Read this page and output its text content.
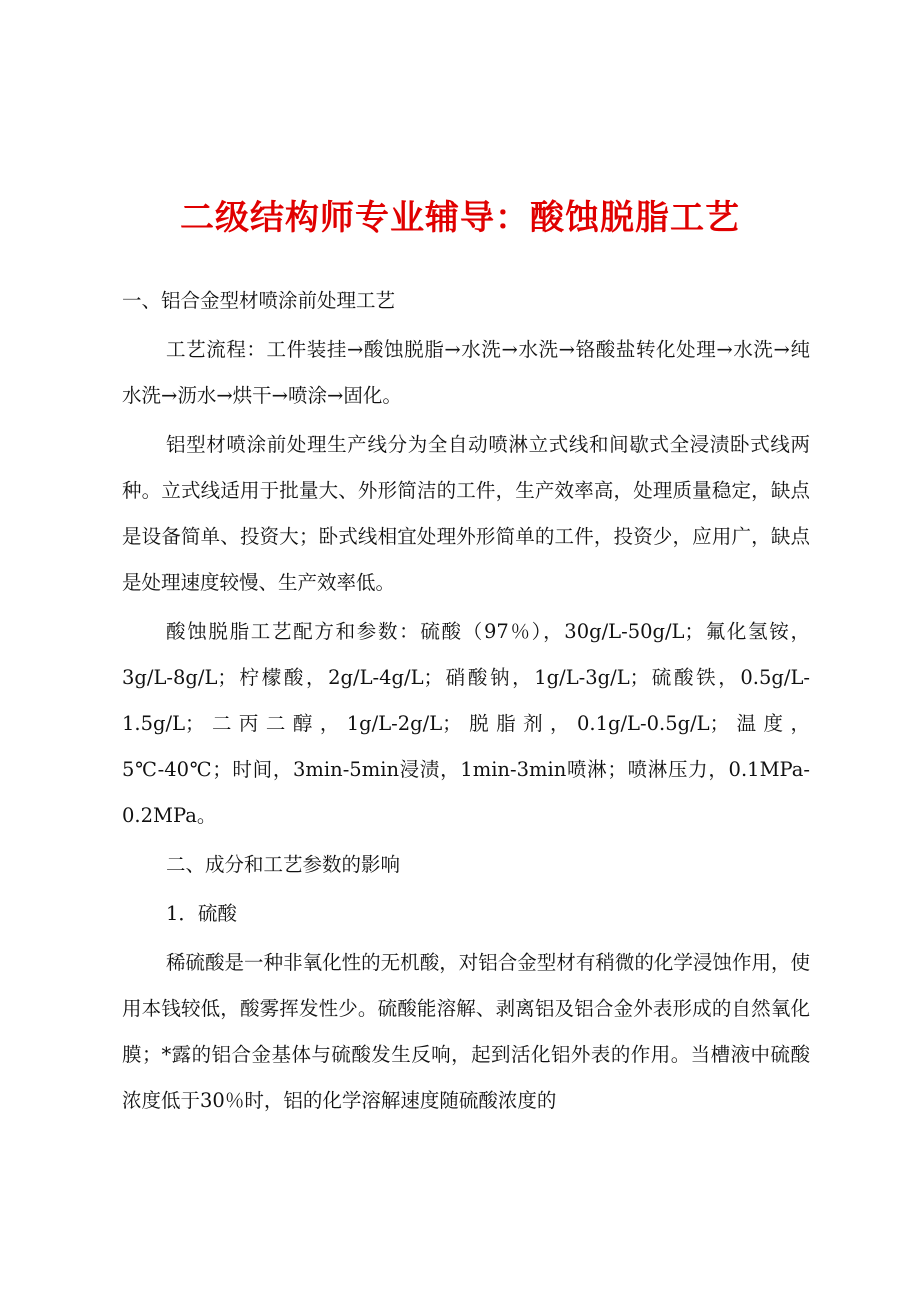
二级结构师专业辅导：酸蚀脱脂工艺

一、铝合金型材喷涂前处理工艺

工艺流程：工件装挂→酸蚀脱脂→水洗→水洗→铬酸盐转化处理→水洗→纯水洗→沥水→烘干→喷涂→固化。

铝型材喷涂前处理生产线分为全自动喷淋立式线和间歇式全浸渍卧式线两种。立式线适用于批量大、外形简洁的工件，生产效率高，处理质量稳定，缺点是设备简单、投资大；卧式线相宜处理外形简单的工件，投资少，应用广，缺点是处理速度较慢、生产效率低。

酸蚀脱脂工艺配方和参数：硫酸（97％），30g/L-50g/L；氟化氢铵，3g/L-8g/L；柠檬酸，2g/L-4g/L；硝酸钠，1g/L-3g/L；硫酸铁，0.5g/L-1.5g/L；二丙二醇，1g/L-2g/L；脱脂剂，0.1g/L-0.5g/L；温度，5℃-40℃；时间，3min-5min浸渍，1min-3min喷淋；喷淋压力，0.1MPa-0.2MPa。

二、成分和工艺参数的影响

1．硫酸

稀硫酸是一种非氧化性的无机酸，对铝合金型材有稍微的化学浸蚀作用，使用本钱较低，酸雾挥发性少。硫酸能溶解、剥离铝及铝合金外表形成的自然氧化膜；*露的铝合金基体与硫酸发生反响，起到活化铝外表的作用。当槽液中硫酸浓度低于30％时，铝的化学溶解速度随硫酸浓度的
